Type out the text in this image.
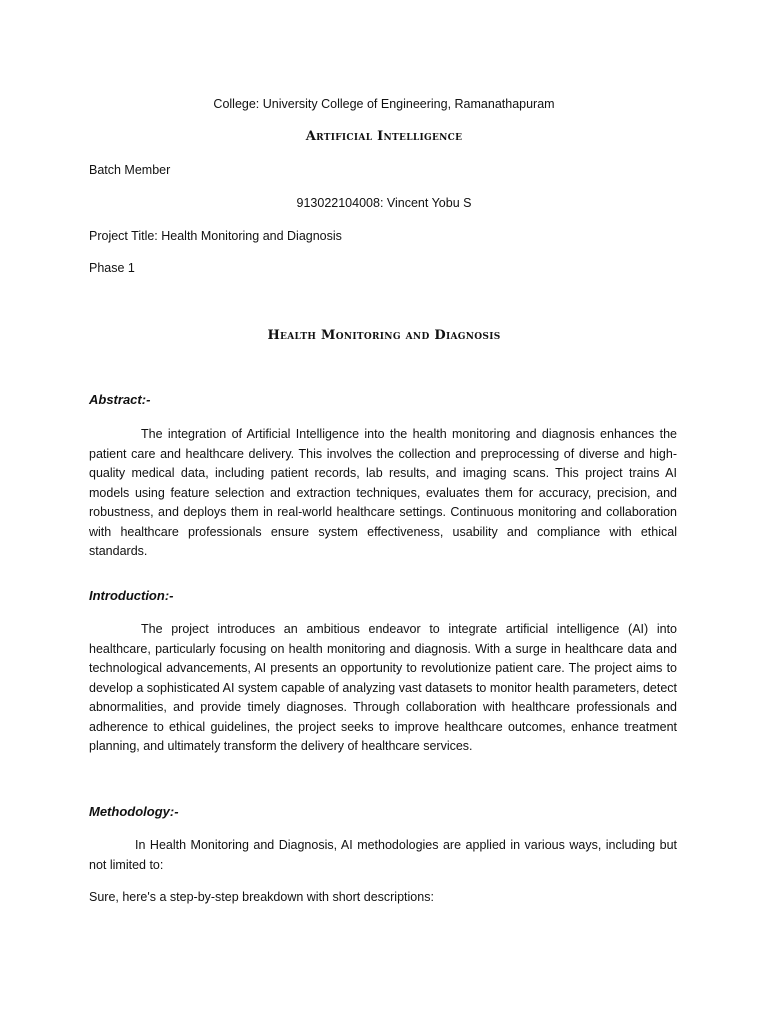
College: University College of Engineering, Ramanathapuram
Artificial Intelligence
Batch Member
913022104008: Vincent Yobu S
Project Title: Health Monitoring and Diagnosis
Phase 1
Health Monitoring and Diagnosis
Abstract:-
The integration of Artificial Intelligence into the health monitoring and diagnosis enhances the patient care and healthcare delivery. This involves the collection and preprocessing of diverse and high-quality medical data, including patient records, lab results, and imaging scans. This project trains AI models using feature selection and extraction techniques, evaluates them for accuracy, precision, and robustness, and deploys them in real-world healthcare settings. Continuous monitoring and collaboration with healthcare professionals ensure system effectiveness, usability and compliance with ethical standards.
Introduction:-
The project introduces an ambitious endeavor to integrate artificial intelligence (AI) into healthcare, particularly focusing on health monitoring and diagnosis. With a surge in healthcare data and technological advancements, AI presents an opportunity to revolutionize patient care. The project aims to develop a sophisticated AI system capable of analyzing vast datasets to monitor health parameters, detect abnormalities, and provide timely diagnoses. Through collaboration with healthcare professionals and adherence to ethical guidelines, the project seeks to improve healthcare outcomes, enhance treatment planning, and ultimately transform the delivery of healthcare services.
Methodology:-
In Health Monitoring and Diagnosis, AI methodologies are applied in various ways, including but not limited to:
Sure, here's a step-by-step breakdown with short descriptions:
